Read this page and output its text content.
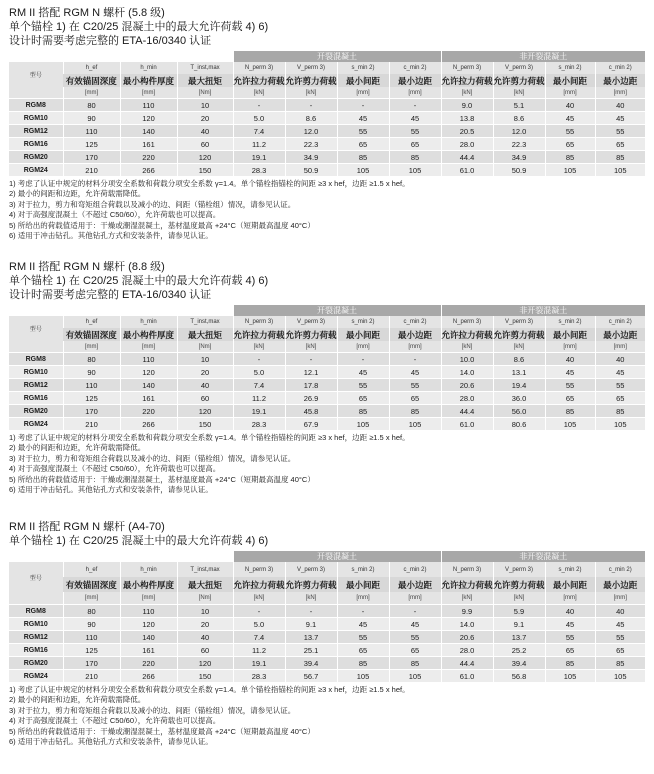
RM II 搭配 RGM N 螺杆 (5.8 级)
单个锚栓 1) 在 C20/25 混凝土中的最大允许荷载 4) 6)
设计时需要考虑完整的 ETA-16/0340 认证
				开裂混凝土				非开裂混凝土			
型号	h_ef	h_min	T_inst,max	N_perm 3)	V_perm 3)	s_min 2)	c_min 2)	N_perm 3)	V_perm 3)	s_min 2)	c_min 2)
	有效锚固深度	最小构件厚度	最大扭矩	允许拉力荷载	允许剪力荷载	最小间距	最小边距	允许拉力荷载	允许剪力荷载	最小间距	最小边距
	[mm]	[mm]	[Nm]	[kN]	[kN]	[mm]	[mm]	[kN]	[kN]	[mm]	[mm]
RGM8	80	110	10	-	-	-	-	9.0	5.1	40	40
RGM10	90	120	20	5.0	8.6	45	45	13.8	8.6	45	45
RGM12	110	140	40	7.4	12.0	55	55	20.5	12.0	55	55
RGM16	125	161	60	11.2	22.3	65	65	28.0	22.3	65	65
RGM20	170	220	120	19.1	34.9	85	85	44.4	34.9	85	85
RGM24	210	266	150	28.3	50.9	105	105	61.0	50.9	105	105
1) 考虑了认证中规定的材料分项安全系数和荷载分项安全系数 γ=1.4。单个锚栓指锚栓的间距 ≥3 x hef，边距 ≥1.5 x hef。
2) 最小的间距和边距，允许荷载需降低。
3) 对于拉力，剪力和弯矩组合荷载以及减小的边、间距（锚栓组）情况，请参见认证。
4) 对于高强度混凝土（不超过 C50/60），允许荷载也可以提高。
5) 所给出的荷载值适用于：干燥或潮湿混凝土，基材温度最高 +24°C（短期最高温度 40°C）
6) 适用于冲击钻孔。其他钻孔方式和安装条件，请参见认证。
RM II 搭配 RGM N 螺杆 (8.8 级)
单个锚栓 1) 在 C20/25 混凝土中的最大允许荷载 4) 6)
设计时需要考虑完整的 ETA-16/0340 认证
				开裂混凝土				非开裂混凝土			
型号	h_ef	h_min	T_inst,max	N_perm 3)	V_perm 3)	s_min 2)	c_min 2)	N_perm 3)	V_perm 3)	s_min 2)	c_min 2)
	有效锚固深度	最小构件厚度	最大扭矩	允许拉力荷载	允许剪力荷载	最小间距	最小边距	允许拉力荷载	允许剪力荷载	最小间距	最小边距
	[mm]	[mm]	[Nm]	[kN]	[kN]	[mm]	[mm]	[kN]	[kN]	[mm]	[mm]
RGM8	80	110	10	-	-	-	-	10.0	8.6	40	40
RGM10	90	120	20	5.0	12.1	45	45	14.0	13.1	45	45
RGM12	110	140	40	7.4	17.8	55	55	20.6	19.4	55	55
RGM16	125	161	60	11.2	26.9	65	65	28.0	36.0	65	65
RGM20	170	220	120	19.1	45.8	85	85	44.4	56.0	85	85
RGM24	210	266	150	28.3	67.9	105	105	61.0	80.6	105	105
1) 考虑了认证中规定的材料分项安全系数和荷载分项安全系数 γ=1.4。单个锚栓指锚栓的间距 ≥3 x hef，边距 ≥1.5 x hef。
2) 最小的间距和边距，允许荷载需降低。
3) 对于拉力，剪力和弯矩组合荷载以及减小的边、间距（锚栓组）情况，请参见认证。
4) 对于高强度混凝土（不超过 C50/60），允许荷载也可以提高。
5) 所给出的荷载值适用于：干燥或潮湿混凝土，基材温度最高 +24°C（短期最高温度 40°C）
6) 适用于冲击钻孔。其他钻孔方式和安装条件，请参见认证。
RM II 搭配 RGM N 螺杆 (A4-70)
单个锚栓 1) 在 C20/25 混凝土中的最大允许荷载 4) 6)
				开裂混凝土				非开裂混凝土			
型号	h_ef	h_min	T_inst,max	N_perm 3)	V_perm 3)	s_min 2)	c_min 2)	N_perm 3)	V_perm 3)	s_min 2)	c_min 2)
	有效锚固深度	最小构件厚度	最大扭矩	允许拉力荷载	允许剪力荷载	最小间距	最小边距	允许拉力荷载	允许剪力荷载	最小间距	最小边距
	[mm]	[mm]	[Nm]	[kN]	[kN]	[mm]	[mm]	[kN]	[kN]	[mm]	[mm]
RGM8	80	110	10	-	-	-	-	9.9	5.9	40	40
RGM10	90	120	20	5.0	9.1	45	45	14.0	9.1	45	45
RGM12	110	140	40	7.4	13.7	55	55	20.6	13.7	55	55
RGM16	125	161	60	11.2	25.1	65	65	28.0	25.2	65	65
RGM20	170	220	120	19.1	39.4	85	85	44.4	39.4	85	85
RGM24	210	266	150	28.3	56.7	105	105	61.0	56.8	105	105
1) 考虑了认证中规定的材料分项安全系数和荷载分项安全系数 γ=1.4。单个锚栓指锚栓的间距 ≥3 x hef，边距 ≥1.5 x hef。
2) 最小的间距和边距，允许荷载需降低。
3) 对于拉力，剪力和弯矩组合荷载以及减小的边、间距（锚栓组）情况，请参见认证。
4) 对于高强度混凝土（不超过 C50/60），允许荷载也可以提高。
5) 所给出的荷载值适用于：干燥或潮湿混凝土，基材温度最高 +24°C（短期最高温度 40°C）
6) 适用于冲击钻孔。其他钻孔方式和安装条件，请参见认证。
